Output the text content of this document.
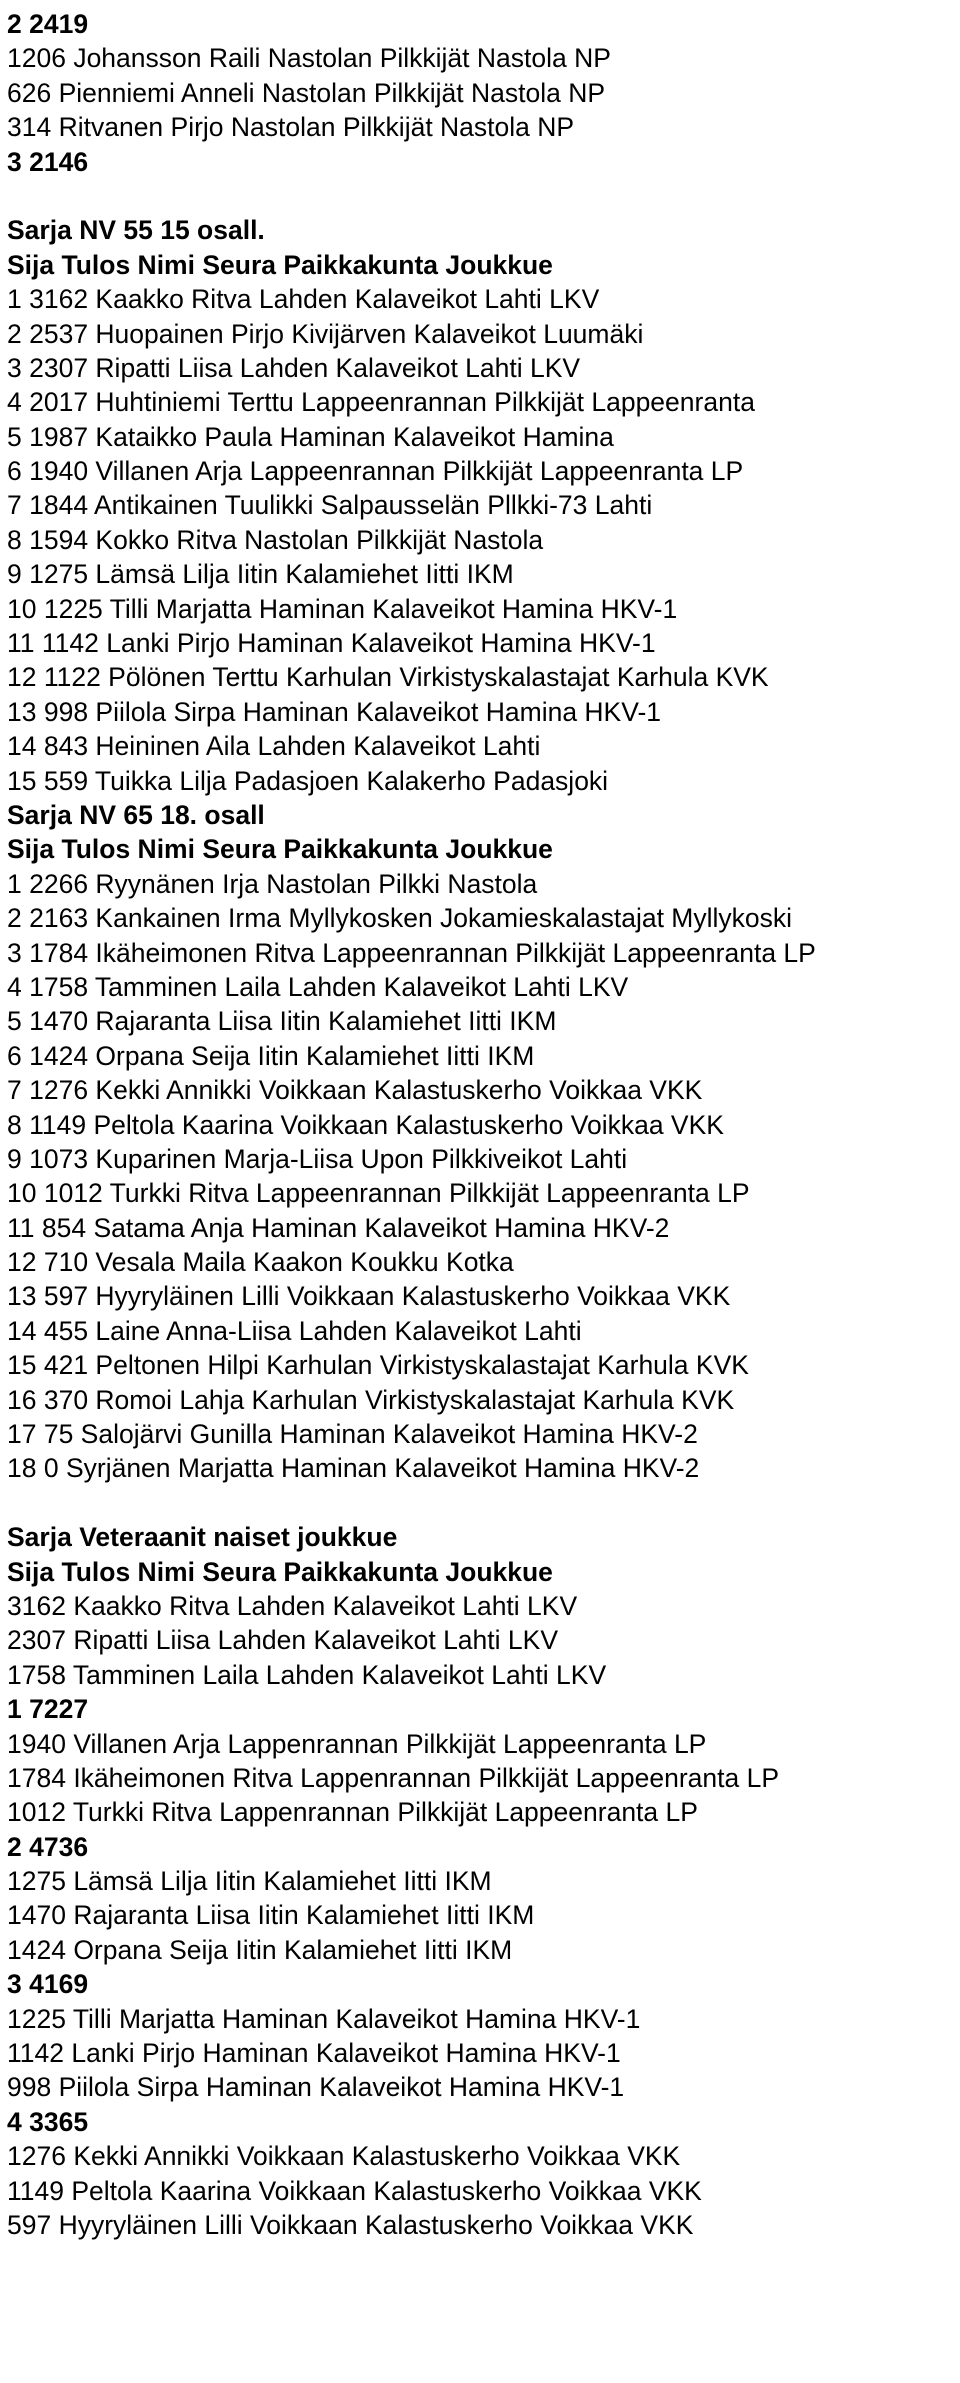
2 2419
1206 Johansson Raili Nastolan Pilkkijät Nastola NP
626 Pienniemi Anneli Nastolan Pilkkijät Nastola NP
314 Ritvanen Pirjo Nastolan Pilkkijät Nastola NP
3 2146
Sarja NV 55 15 osall.
Sija Tulos Nimi Seura Paikkakunta Joukkue
1 3162 Kaakko Ritva Lahden Kalaveikot Lahti LKV
2 2537 Huopainen Pirjo Kivijärven Kalaveikot Luumäki
3 2307 Ripatti Liisa Lahden Kalaveikot Lahti LKV
4 2017 Huhtiniemi Terttu Lappeenrannan Pilkkijät Lappeenranta
5 1987 Kataikko Paula Haminan Kalaveikot Hamina
6 1940 Villanen Arja Lappeenrannan Pilkkijät Lappeenranta LP
7 1844 Antikainen Tuulikki Salpausselän Pllkki-73 Lahti
8 1594 Kokko Ritva Nastolan Pilkkijät Nastola
9 1275 Lämsä Lilja Iitin Kalamiehet Iitti IKM
10 1225 Tilli Marjatta Haminan Kalaveikot Hamina HKV-1
11 1142 Lanki Pirjo Haminan Kalaveikot Hamina HKV-1
12 1122 Pölönen Terttu Karhulan Virkistyskalastajat Karhula KVK
13 998 Piilola Sirpa Haminan Kalaveikot Hamina HKV-1
14 843 Heininen Aila Lahden Kalaveikot Lahti
15 559 Tuikka Lilja Padasjoen Kalakerho Padasjoki
Sarja NV 65 18. osall
Sija Tulos Nimi Seura Paikkakunta Joukkue
1 2266 Ryynänen Irja Nastolan Pilkki Nastola
2 2163 Kankainen Irma Myllykosken Jokamieskalastajat Myllykoski
3 1784 Ikäheimonen Ritva Lappeenrannan Pilkkijät Lappeenranta LP
4 1758 Tamminen Laila Lahden Kalaveikot Lahti LKV
5 1470 Rajaranta Liisa Iitin Kalamiehet Iitti IKM
6 1424 Orpana Seija Iitin Kalamiehet Iitti IKM
7 1276 Kekki Annikki Voikkaan Kalastuskerho Voikkaa VKK
8 1149 Peltola Kaarina Voikkaan Kalastuskerho Voikkaa VKK
9 1073 Kuparinen Marja-Liisa Upon Pilkkiveikot Lahti
10 1012 Turkki Ritva Lappeenrannan Pilkkijät Lappeenranta LP
11 854 Satama Anja Haminan Kalaveikot Hamina HKV-2
12 710 Vesala Maila Kaakon Koukku Kotka
13 597 Hyyryläinen Lilli Voikkaan Kalastuskerho Voikkaa VKK
14 455 Laine Anna-Liisa Lahden Kalaveikot Lahti
15 421 Peltonen Hilpi Karhulan Virkistyskalastajat Karhula KVK
16 370 Romoi Lahja Karhulan Virkistyskalastajat Karhula KVK
17 75 Salojärvi Gunilla Haminan Kalaveikot Hamina HKV-2
18 0 Syrjänen Marjatta Haminan Kalaveikot Hamina HKV-2
Sarja Veteraanit naiset joukkue
Sija Tulos Nimi Seura Paikkakunta Joukkue
3162 Kaakko Ritva Lahden Kalaveikot Lahti LKV
2307 Ripatti Liisa Lahden Kalaveikot Lahti LKV
1758 Tamminen Laila Lahden Kalaveikot Lahti LKV
1 7227
1940 Villanen Arja Lappenrannan Pilkkijät Lappeenranta LP
1784 Ikäheimonen Ritva Lappenrannan Pilkkijät Lappeenranta LP
1012 Turkki Ritva Lappenrannan Pilkkijät Lappeenranta LP
2 4736
1275 Lämsä Lilja Iitin Kalamiehet Iitti IKM
1470 Rajaranta Liisa Iitin Kalamiehet Iitti IKM
1424 Orpana Seija Iitin Kalamiehet Iitti IKM
3 4169
1225 Tilli Marjatta Haminan Kalaveikot Hamina HKV-1
1142 Lanki Pirjo Haminan Kalaveikot Hamina HKV-1
998 Piilola Sirpa Haminan Kalaveikot Hamina HKV-1
4 3365
1276 Kekki Annikki Voikkaan Kalastuskerho Voikkaa VKK
1149 Peltola Kaarina Voikkaan Kalastuskerho Voikkaa VKK
597 Hyyryläinen Lilli Voikkaan Kalastuskerho Voikkaa VKK
